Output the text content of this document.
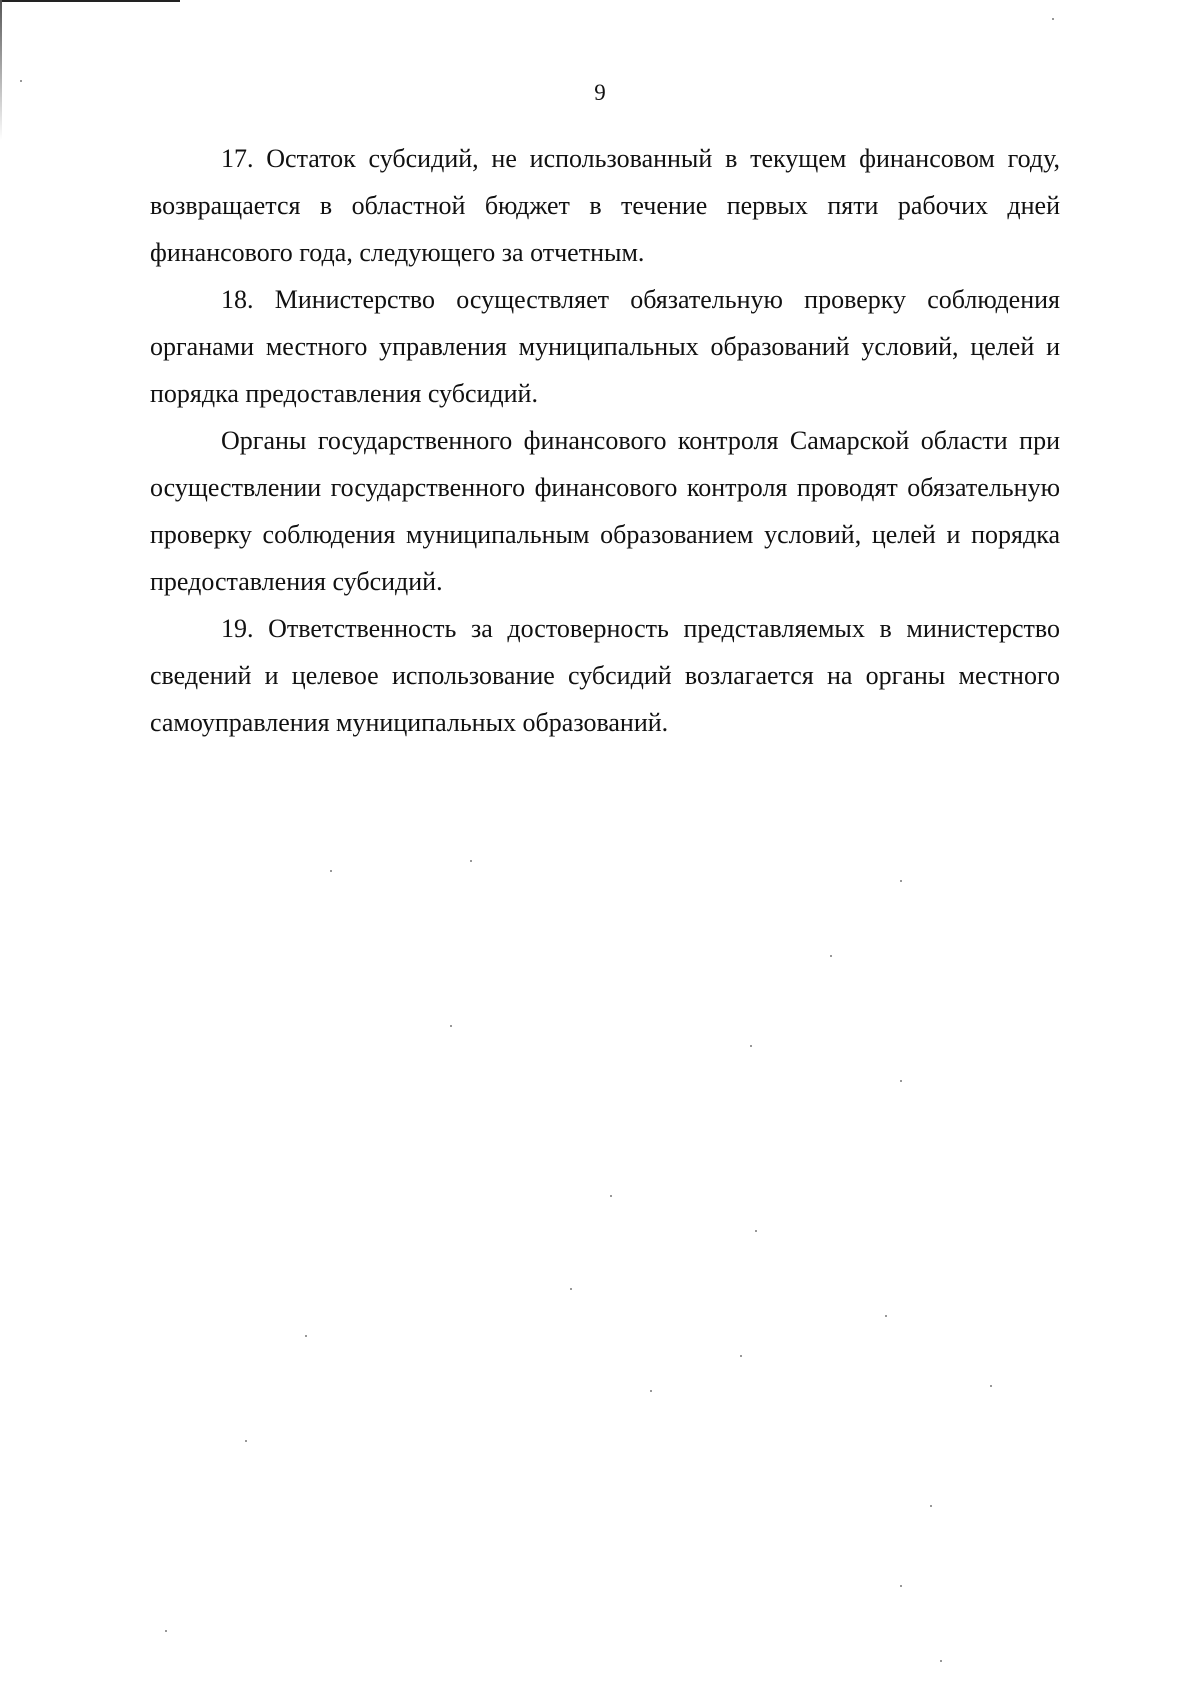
9

17. Остаток субсидий, не использованный в текущем финансовом году, возвращается в областной бюджет в течение первых пяти рабочих дней финансового года, следующего за отчетным.

18. Министерство осуществляет обязательную проверку соблюдения органами местного управления муниципальных образований условий, целей и порядка предоставления субсидий.

Органы государственного финансового контроля Самарской области при осуществлении государственного финансового контроля проводят обязательную проверку соблюдения муниципальным образованием условий, целей и порядка предоставления субсидий.

19. Ответственность за достоверность представляемых в министерство сведений и целевое использование субсидий возлагается на органы местного самоуправления муниципальных образований.
